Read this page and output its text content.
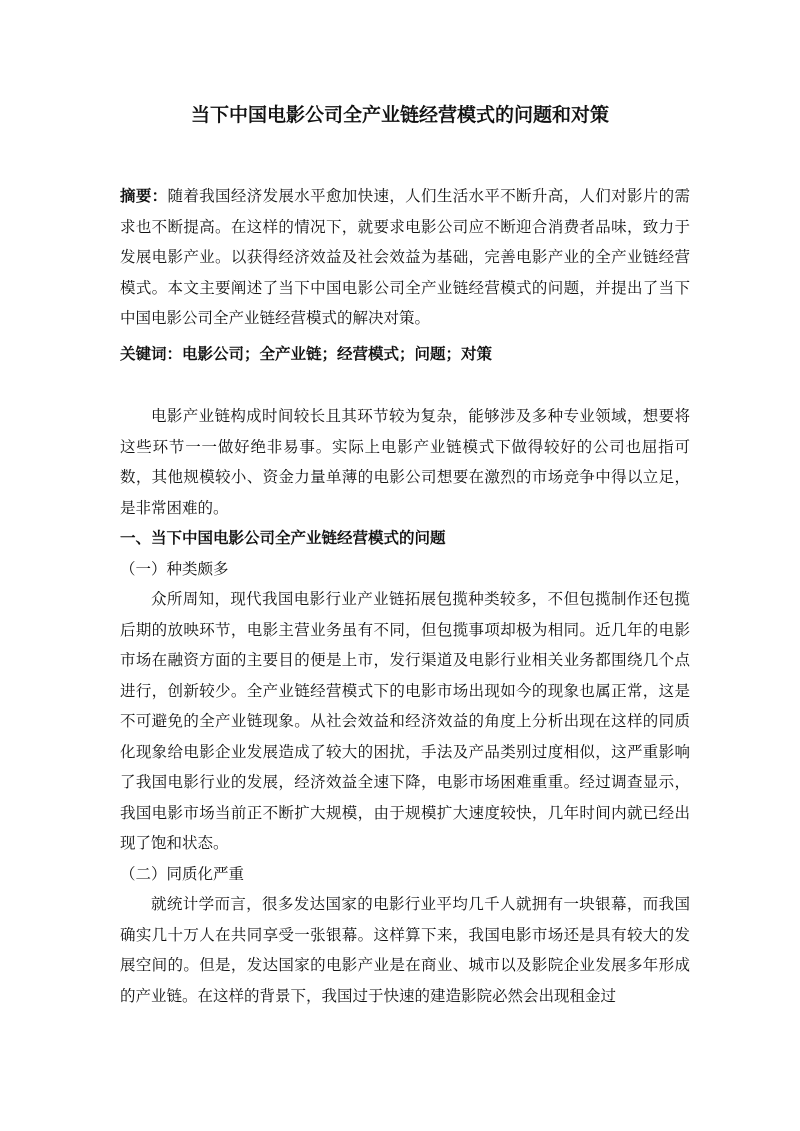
当下中国电影公司全产业链经营模式的问题和对策

摘要：随着我国经济发展水平愈加快速，人们生活水平不断升高，人们对影片的需求也不断提高。在这样的情况下，就要求电影公司应不断迎合消费者品味，致力于发展电影产业。以获得经济效益及社会效益为基础，完善电影产业的全产业链经营模式。本文主要阐述了当下中国电影公司全产业链经营模式的问题，并提出了当下中国电影公司全产业链经营模式的解决对策。

关键词：电影公司；全产业链；经营模式；问题；对策

电影产业链构成时间较长且其环节较为复杂，能够涉及多种专业领域，想要将这些环节一一做好绝非易事。实际上电影产业链模式下做得较好的公司也屈指可数，其他规模较小、资金力量单薄的电影公司想要在激烈的市场竞争中得以立足，是非常困难的。

一、当下中国电影公司全产业链经营模式的问题

（一）种类颇多

众所周知，现代我国电影行业产业链拓展包揽种类较多，不但包揽制作还包揽后期的放映环节，电影主营业务虽有不同，但包揽事项却极为相同。近几年的电影市场在融资方面的主要目的便是上市，发行渠道及电影行业相关业务都围绕几个点进行，创新较少。全产业链经营模式下的电影市场出现如今的现象也属正常，这是不可避免的全产业链现象。从社会效益和经济效益的角度上分析出现在这样的同质化现象给电影企业发展造成了较大的困扰，手法及产品类别过度相似，这严重影响了我国电影行业的发展，经济效益全速下降，电影市场困难重重。经过调查显示，我国电影市场当前正不断扩大规模，由于规模扩大速度较快，几年时间内就已经出现了饱和状态。

（二）同质化严重

就统计学而言，很多发达国家的电影行业平均几千人就拥有一块银幕，而我国确实几十万人在共同享受一张银幕。这样算下来，我国电影市场还是具有较大的发展空间的。但是，发达国家的电影产业是在商业、城市以及影院企业发展多年形成的产业链。在这样的背景下，我国过于快速的建造影院必然会出现租金过
